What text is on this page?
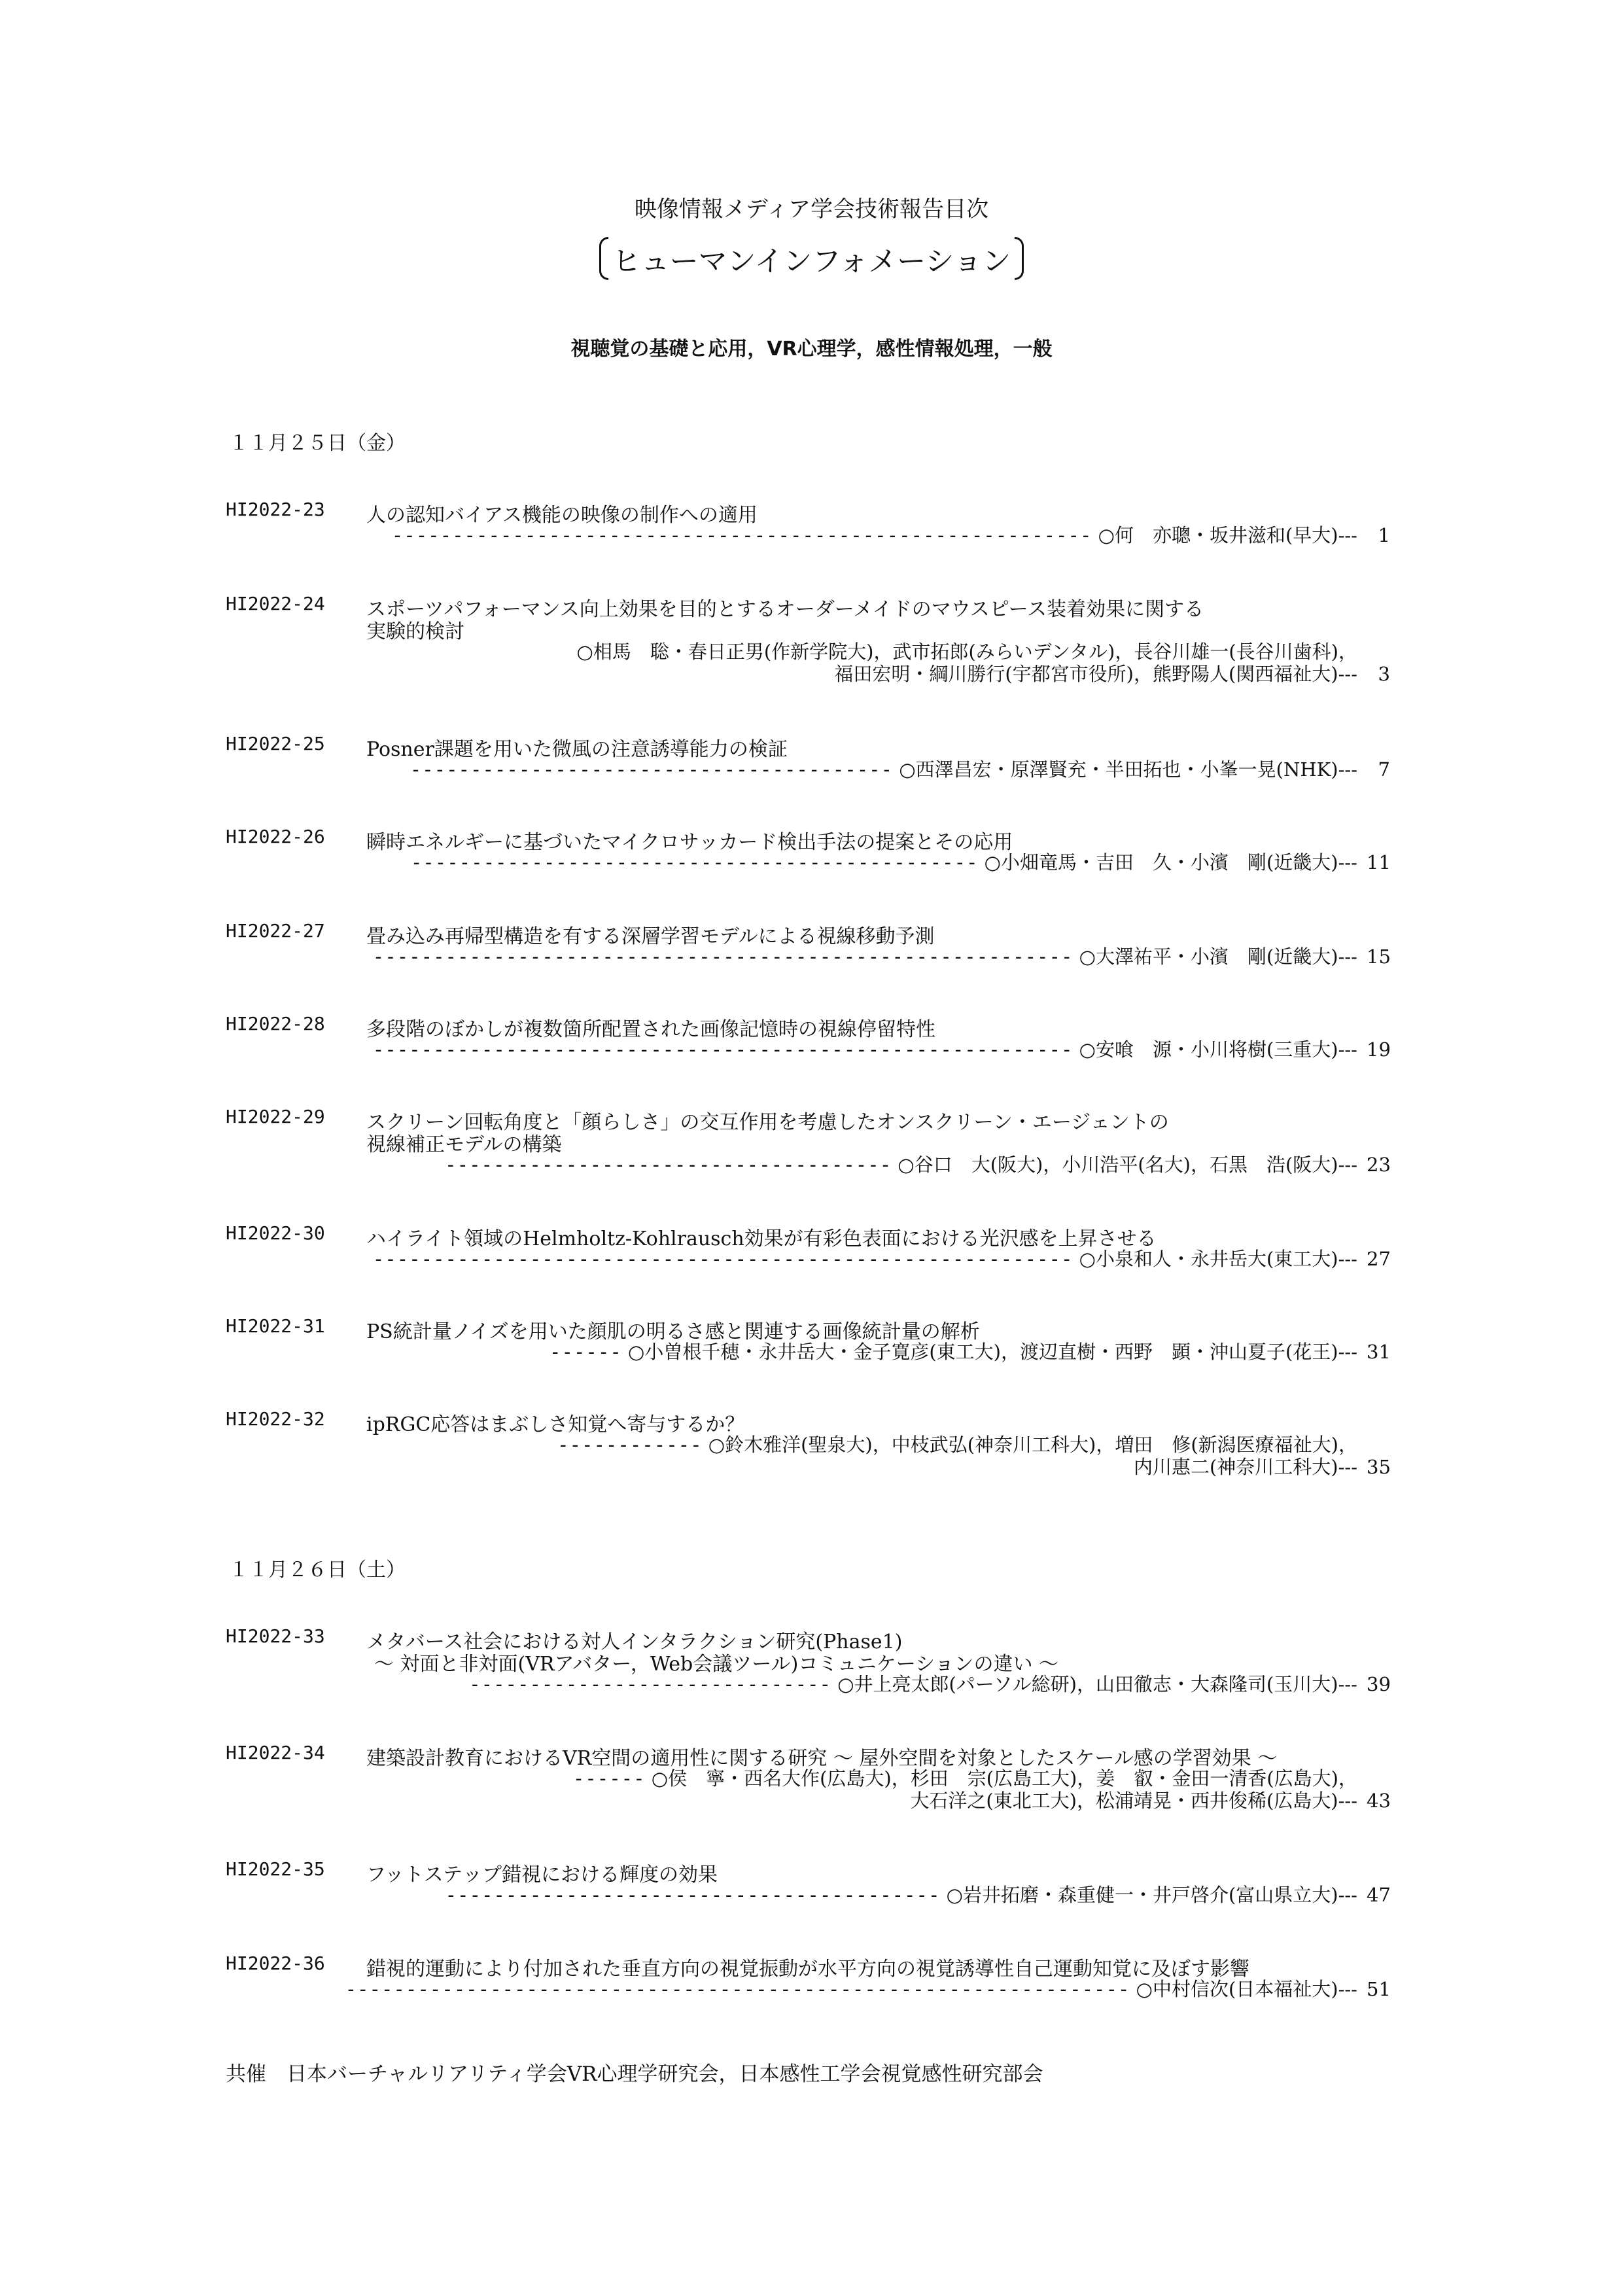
映像情報メディア学会技術報告目次
ヒューマンインフォメーション
視聴覚の基礎と応用，VR心理学，感性情報処理，一般
１１月２５日（金）
１１月２６日（土）
HI2022-23 人の認知バイアス機能の映像の制作への適用
---------------------------------------------------------- ○何　亦聰・坂井滋和(早大)--- 1
HI2022-24 スポーツパフォーマンス向上効果を目的とするオーダーメイドのマウスピース装着効果に関する
実験的検討
○相馬　聡・春日正男(作新学院大)，武市拓郎(みらいデンタル)，長谷川雄一(長谷川歯科)，
福田宏明・綱川勝行(宇都宮市役所)，熊野陽人(関西福祉大)--- 3
HI2022-25 Posner課題を用いた微風の注意誘導能力の検証
---------------------------------------- ○西澤昌宏・原澤賢充・半田拓也・小峯一晃(NHK)--- 7
HI2022-26 瞬時エネルギーに基づいたマイクロサッカード検出手法の提案とその応用
----------------------------------------------- ○小畑竜馬・吉田　久・小濱　剛(近畿大)--- 11
HI2022-27 畳み込み再帰型構造を有する深層学習モデルによる視線移動予測
---------------------------------------------------------- ○大澤祐平・小濱　剛(近畿大)--- 15
HI2022-28 多段階のぼかしが複数箇所配置された画像記憶時の視線停留特性
---------------------------------------------------------- ○安喰　源・小川将樹(三重大)--- 19
HI2022-29 スクリーン回転角度と「顔らしさ」の交互作用を考慮したオンスクリーン・エージェントの
視線補正モデルの構築
------------------------------------- ○谷口　大(阪大)，小川浩平(名大)，石黒　浩(阪大)--- 23
HI2022-30 ハイライト領域のHelmholtz-Kohlrausch効果が有彩色表面における光沢感を上昇させる
---------------------------------------------------------- ○小泉和人・永井岳大(東工大)--- 27
HI2022-31 PS統計量ノイズを用いた顔肌の明るさ感と関連する画像統計量の解析
------ ○小曽根千穂・永井岳大・金子寛彦(東工大)，渡辺直樹・西野　顕・沖山夏子(花王)--- 31
HI2022-32 ipRGC応答はまぶしさ知覚へ寄与するか？
------------ ○鈴木雅洋(聖泉大)，中枝武弘(神奈川工科大)，増田　修(新潟医療福祉大)，
内川惠二(神奈川工科大)--- 35
HI2022-33 メタバース社会における対人インタラクション研究(Phase1)
〜 対面と非対面(VRアバター，Web会議ツール)コミュニケーションの違い 〜
------------------------------ ○井上亮太郎(パーソル総研)，山田徹志・大森隆司(玉川大)--- 39
HI2022-34 建築設計教育におけるVR空間の適用性に関する研究 〜 屋外空間を対象としたスケール感の学習効果 〜
------ ○侯　寧・西名大作(広島大)，杉田　宗(広島工大)，姜　叡・金田一清香(広島大)，
大石洋之(東北工大)，松浦靖晃・西井俊稀(広島大)--- 43
HI2022-35 フットステップ錯視における輝度の効果
----------------------------------------- ○岩井拓磨・森重健一・井戸啓介(富山県立大)--- 47
HI2022-36 錯視的運動により付加された垂直方向の視覚振動が水平方向の視覚誘導性自己運動知覚に及ぼす影響
----------------------------------------------------------------- ○中村信次(日本福祉大)--- 51
共催　日本バーチャルリアリティ学会VR心理学研究会，日本感性工学会視覚感性研究部会
